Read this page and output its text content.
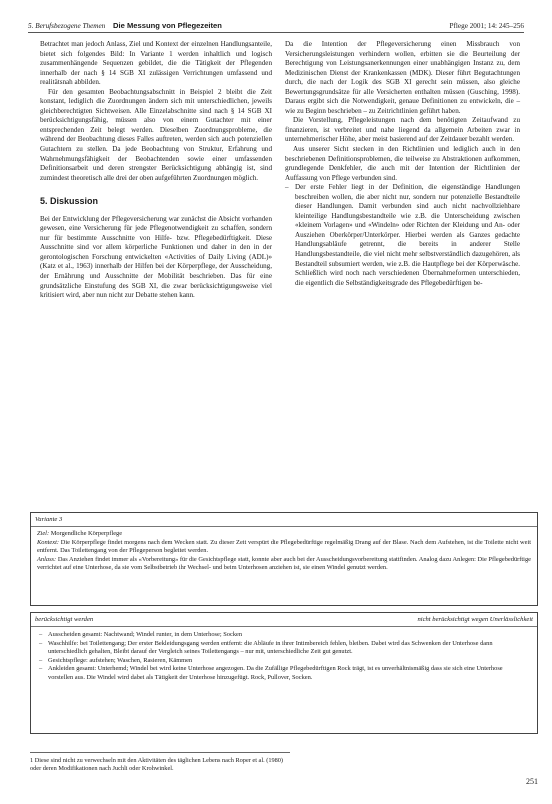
5. Berufsbezogene Themen Die Messung von Pflegezeiten	Pflege 2001; 14: 245–256

Betrachtet man jedoch Anlass, Ziel und Kontext der einzelnen Handlungsanteile, bietet sich folgendes Bild: In Variante 1 werden inhaltlich und logisch zusammenhängende Sequenzen gebildet, die die Tätigkeit der Pflegenden innerhalb der nach § 14 SGB XI zulässigen Verrichtungen umfassend und realitätsnah abbilden.

Für den gesamten Beobachtungsabschnitt in Beispiel 2 bleibt die Zeit konstant, lediglich die Zuordnungen ändern sich mit unterschiedlichen, jeweils gleichberechtigten Sichtweisen. Alle Einzelabschnitte sind nach § 14 SGB XI berücksichtigungsfähig, müssen also von einem Gutachter mit einer entsprechenden Zeit belegt werden. Dieselben Zuordnungsprobleme, die während der Beobachtung dieses Falles auftreten, werden sich auch potenziellen Gutachtern zu stellen. Da jede Beobachtung von Struktur, Erfahrung und Wahrnehmungsfähigkeit der Beobachtenden sowie einer umfassenden Definitionsarbeit und deren strengster Berücksichtigung abhängig ist, sind zumindest theoretisch alle drei der oben aufgeführten Zuordnungen möglich.

5. Diskussion

Bei der Entwicklung der Pflegeversicherung war zunächst die Absicht vorhanden gewesen, eine Versicherung für jede Pflegenotwendigkeit zu schaffen, sondern nur für bestimmte Ausschnitte von Hilfe- bzw. Pflegebedürftigkeit. Diese Ausschnitte sind vor allem körperliche Funktionen und daher in den in der gerontologischen Forschung entwickelten «Activities of Daily Living (ADL)» (Katz et al., 1963) innerhalb der Hilfen bei der Körperpflege, der Ausscheidung, der Ernährung und Ausschnitte der Mobilität beschrieben. Das für eine grundsätzliche Einstufung des SGB XI, die zwar berücksichtigungsweise viel kritisiert wird, aber nun nicht zur Debatte stehen kann.

Da die Intention der Pflegeversicherung einen Missbrauch von Versicherungsleistungen verhindern wollen, erbitten sie die Beurteilung der Berechtigung von Leistungsanerkennungen einer unabhängigen Instanz zu, dem Medizinischen Dienst der Krankenkassen (MDK). Dieser führt Begutachtungen durch, die nach der Logik des SGB XI gerecht sein müssen, also gleiche Bewertungsgrundsätze für alle Versicherten enthalten müssen (Gusching, 1998). Daraus ergibt sich die Notwendigkeit, genaue Definitionen zu entwickeln, die – wie zu Beginn beschrieben – zu Zeitrichtlinien geführt haben.

Die Vorstellung, Pflegeleistungen nach dem benötigten Zeitaufwand zu finanzieren, ist verbreitet und nahe liegend da allgemein Arbeiten zwar in unternehmerischer Höhe, aber meist basierend auf der Zeitdauer bezahlt werden.

Aus unserer Sicht stecken in den Richtlinien und lediglich auch in den beschriebenen Definitionsproblemen, die teilweise zu Abstraktionen aufkommen, grundlegende Denkfehler, die auch mit der Intention der Richtlinien der Auffassung von Pflege verbunden sind.

– Der erste Fehler liegt in der Definition, die eigenständige Handlungen beschreiben wollen, die aber nicht nur, sondern nur potenzielle Bestandteile dieser Handlungen. Damit verbunden sind auch nicht nachvollziehbare kleinteilige Handlungsbestandteile wie z.B. die Unterscheidung zwischen «kleinem Vorlagen» und «Windeln» oder Richten der Kleidung und An- oder Ausziehen Oberkörper/Unterkörper. Hierbei werden als Ganzes gedachte Handlungsabläufe getrennt, die bereits in anderer Stelle Handlungsbestandteile, die viel nicht mehr selbstverständlich dazugehören, als Bestandteil subsumiert werden, wie z.B. die Hautpflege bei der Körperwäsche. Schließlich wird noch nach verschiedenen Übernahmeformen unterschieden, die eigentlich die Selbständigkeitsgrade des Pflegebedürftigen be-

Variante 3

Ziel: Morgendliche Körperpflege

Kontext: Die Körperpflege findet morgens nach dem Wecken statt. Zu dieser Zeit verspürt die Pflegebedürftige regelmäßig Drang auf der Blase. Nach dem Aufstehen, ist die Toilette nicht weit entfernt. Das Toilettengang von der Pflegeperson begleitet werden.

Anlass: Das Anziehen findet immer als «Vorbereitung» für die Gesichtspflege statt, konnte aber auch bei der Ausscheidungsvorbereitung stattfinden. Analog dazu Anlegen: Die Pflegebedürftige verrichtet auf eine Unterhose, da sie vom Selbstbetrieb ihr Wechsel- und beim Unterhosen anziehen ist, sie einen Windel genutzt werden.

berücksichtigt werden	nicht berücksichtigt wegen Unerlässlichkeit

– Ausscheiden gesamt: Nachtwand; Windel runter, in dem Unterhose; Socken

– Waschhilfe: bei Toilettengang; Der erster Bekleidungsgang werden entfernt: die Abläufe in ihrer Intimbereich fehlen, bleiben. Dabei wird das Schwenken der Unterhose dann unterschiedlich gehalten, Bleibt darauf der Vergleich seines Toilettengangs – nur mit, unterschiedliche Zeit gut genutzt.

– Gesichtspflege: aufstehen; Waschen, Rasieren, Kämmen

– Ankleiden gesamt: Unterhemd; Windel bei wird keine Unterhose angezogen. Da die Zufällige Pflegebedürftigen Rock trägt, ist es unverhältnismäßig dass sie sich eine Unterhose vorstellen aus. Die Windel wird dabei als Tätigkeit der Unterhose hinzugefügt. Rock, Pullover, Socken.

1 Diese sind nicht zu verwechseln mit den Aktivitäten des täglichen Lebens nach Roper et al. (1980) oder deren Modifikationen nach Juchli oder Krohwinkel.
251
